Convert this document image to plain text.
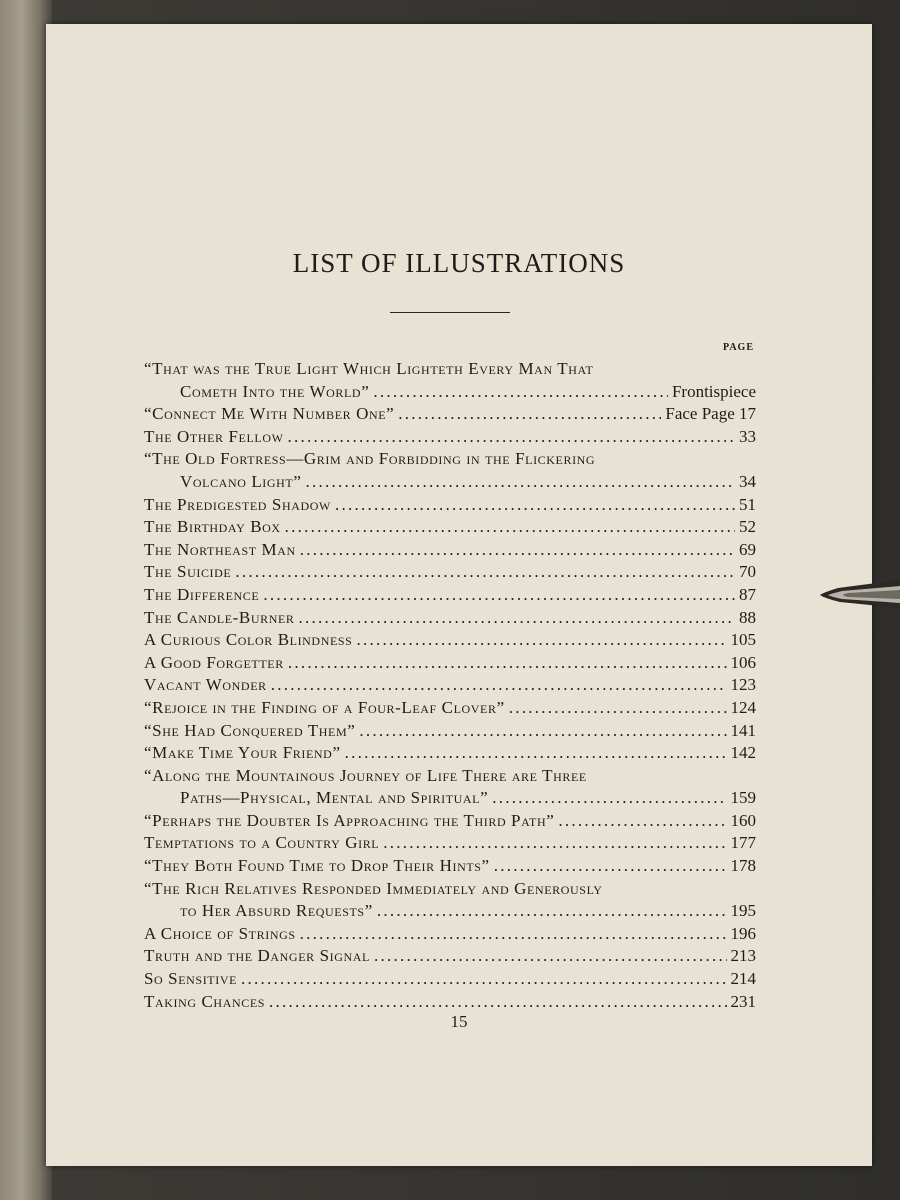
LIST OF ILLUSTRATIONS
PAGE
“That was the True Light Which Lighteth Every Man That
Cometh Into the World” . . .	Frontispiece
“Connect Me With Number One” . . .	Face Page 17
The Other Fellow . . .	33
“The Old Fortress—Grim and Forbidding in the Flickering
Volcano Light” . . .	34
The Predigested Shadow . . .	51
The Birthday Box . . .	52
The Northeast Man . . .	69
The Suicide . . .	70
The Difference . . .	87
The Candle-Burner . . .	88
A Curious Color Blindness . . .	105
A Good Forgetter . . .	106
Vacant Wonder . . .	123
“Rejoice in the Finding of a Four-Leaf Clover” . . .	124
“She Had Conquered Them” . . .	141
“Make Time Your Friend” . . .	142
“Along the Mountainous Journey of Life There are Three
Paths—Physical, Mental and Spiritual” . . .	159
“Perhaps the Doubter Is Approaching the Third Path” . . .	160
Temptations to a Country Girl . . .	177
“They Both Found Time to Drop Their Hints” . . .	178
“The Rich Relatives Responded Immediately and Generously
to Her Absurd Requests” . . .	195
A Choice of Strings . . .	196
Truth and the Danger Signal . . .	213
So Sensitive . . .	214
Taking Chances . . .	231
15
